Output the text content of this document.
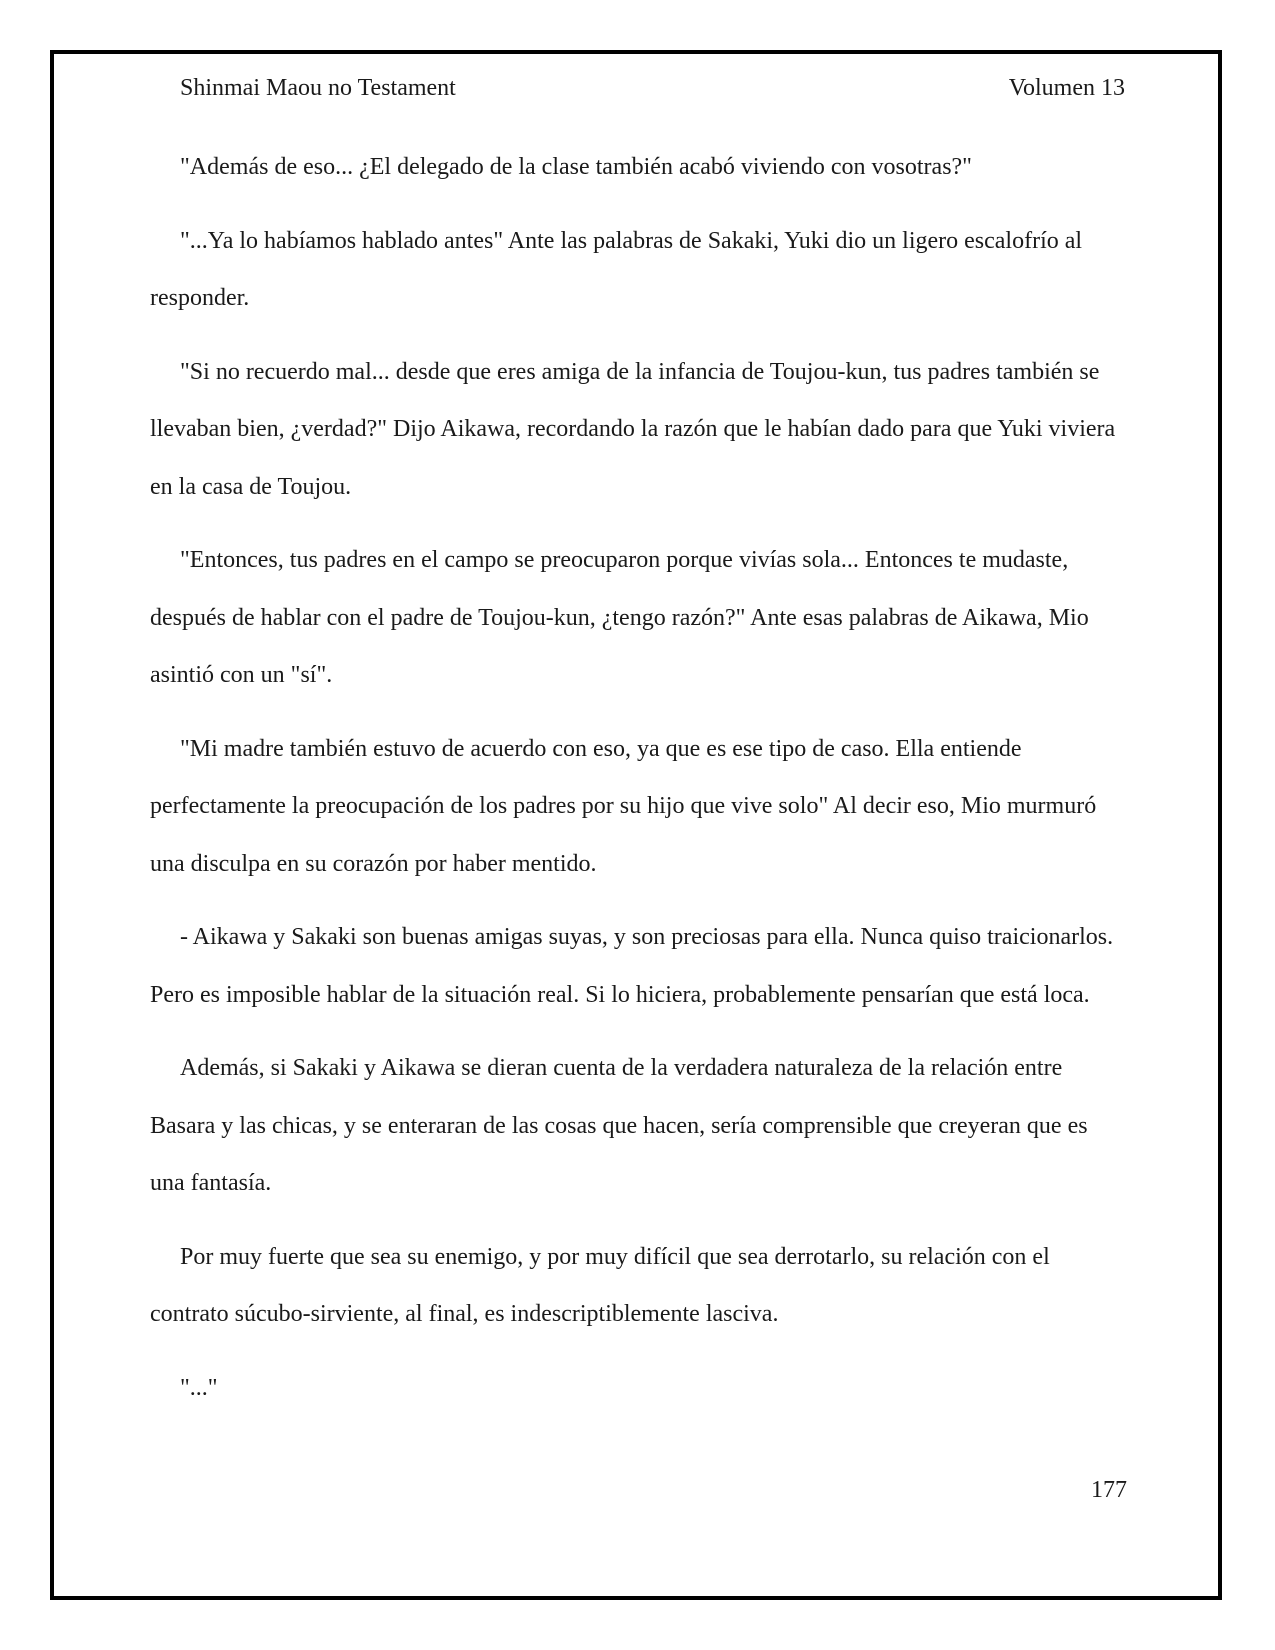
Shinmai Maou no Testament	Volumen 13

"Además de eso... ¿El delegado de la clase también acabó viviendo con vosotras?"

"...Ya lo habíamos hablado antes" Ante las palabras de Sakaki, Yuki dio un ligero escalofrío al responder.

"Si no recuerdo mal... desde que eres amiga de la infancia de Toujou-kun, tus padres también se llevaban bien, ¿verdad?" Dijo Aikawa, recordando la razón que le habían dado para que Yuki viviera en la casa de Toujou.

"Entonces, tus padres en el campo se preocuparon porque vivías sola... Entonces te mudaste, después de hablar con el padre de Toujou-kun, ¿tengo razón?" Ante esas palabras de Aikawa, Mio asintió con un "sí".

"Mi madre también estuvo de acuerdo con eso, ya que es ese tipo de caso. Ella entiende perfectamente la preocupación de los padres por su hijo que vive solo" Al decir eso, Mio murmuró una disculpa en su corazón por haber mentido.

- Aikawa y Sakaki son buenas amigas suyas, y son preciosas para ella. Nunca quiso traicionarlos. Pero es imposible hablar de la situación real. Si lo hiciera, probablemente pensarían que está loca.

Además, si Sakaki y Aikawa se dieran cuenta de la verdadera naturaleza de la relación entre Basara y las chicas, y se enteraran de las cosas que hacen, sería comprensible que creyeran que es una fantasía.

Por muy fuerte que sea su enemigo, y por muy difícil que sea derrotarlo, su relación con el contrato súcubo-sirviente, al final, es indescriptiblemente lasciva.

"..."

177
